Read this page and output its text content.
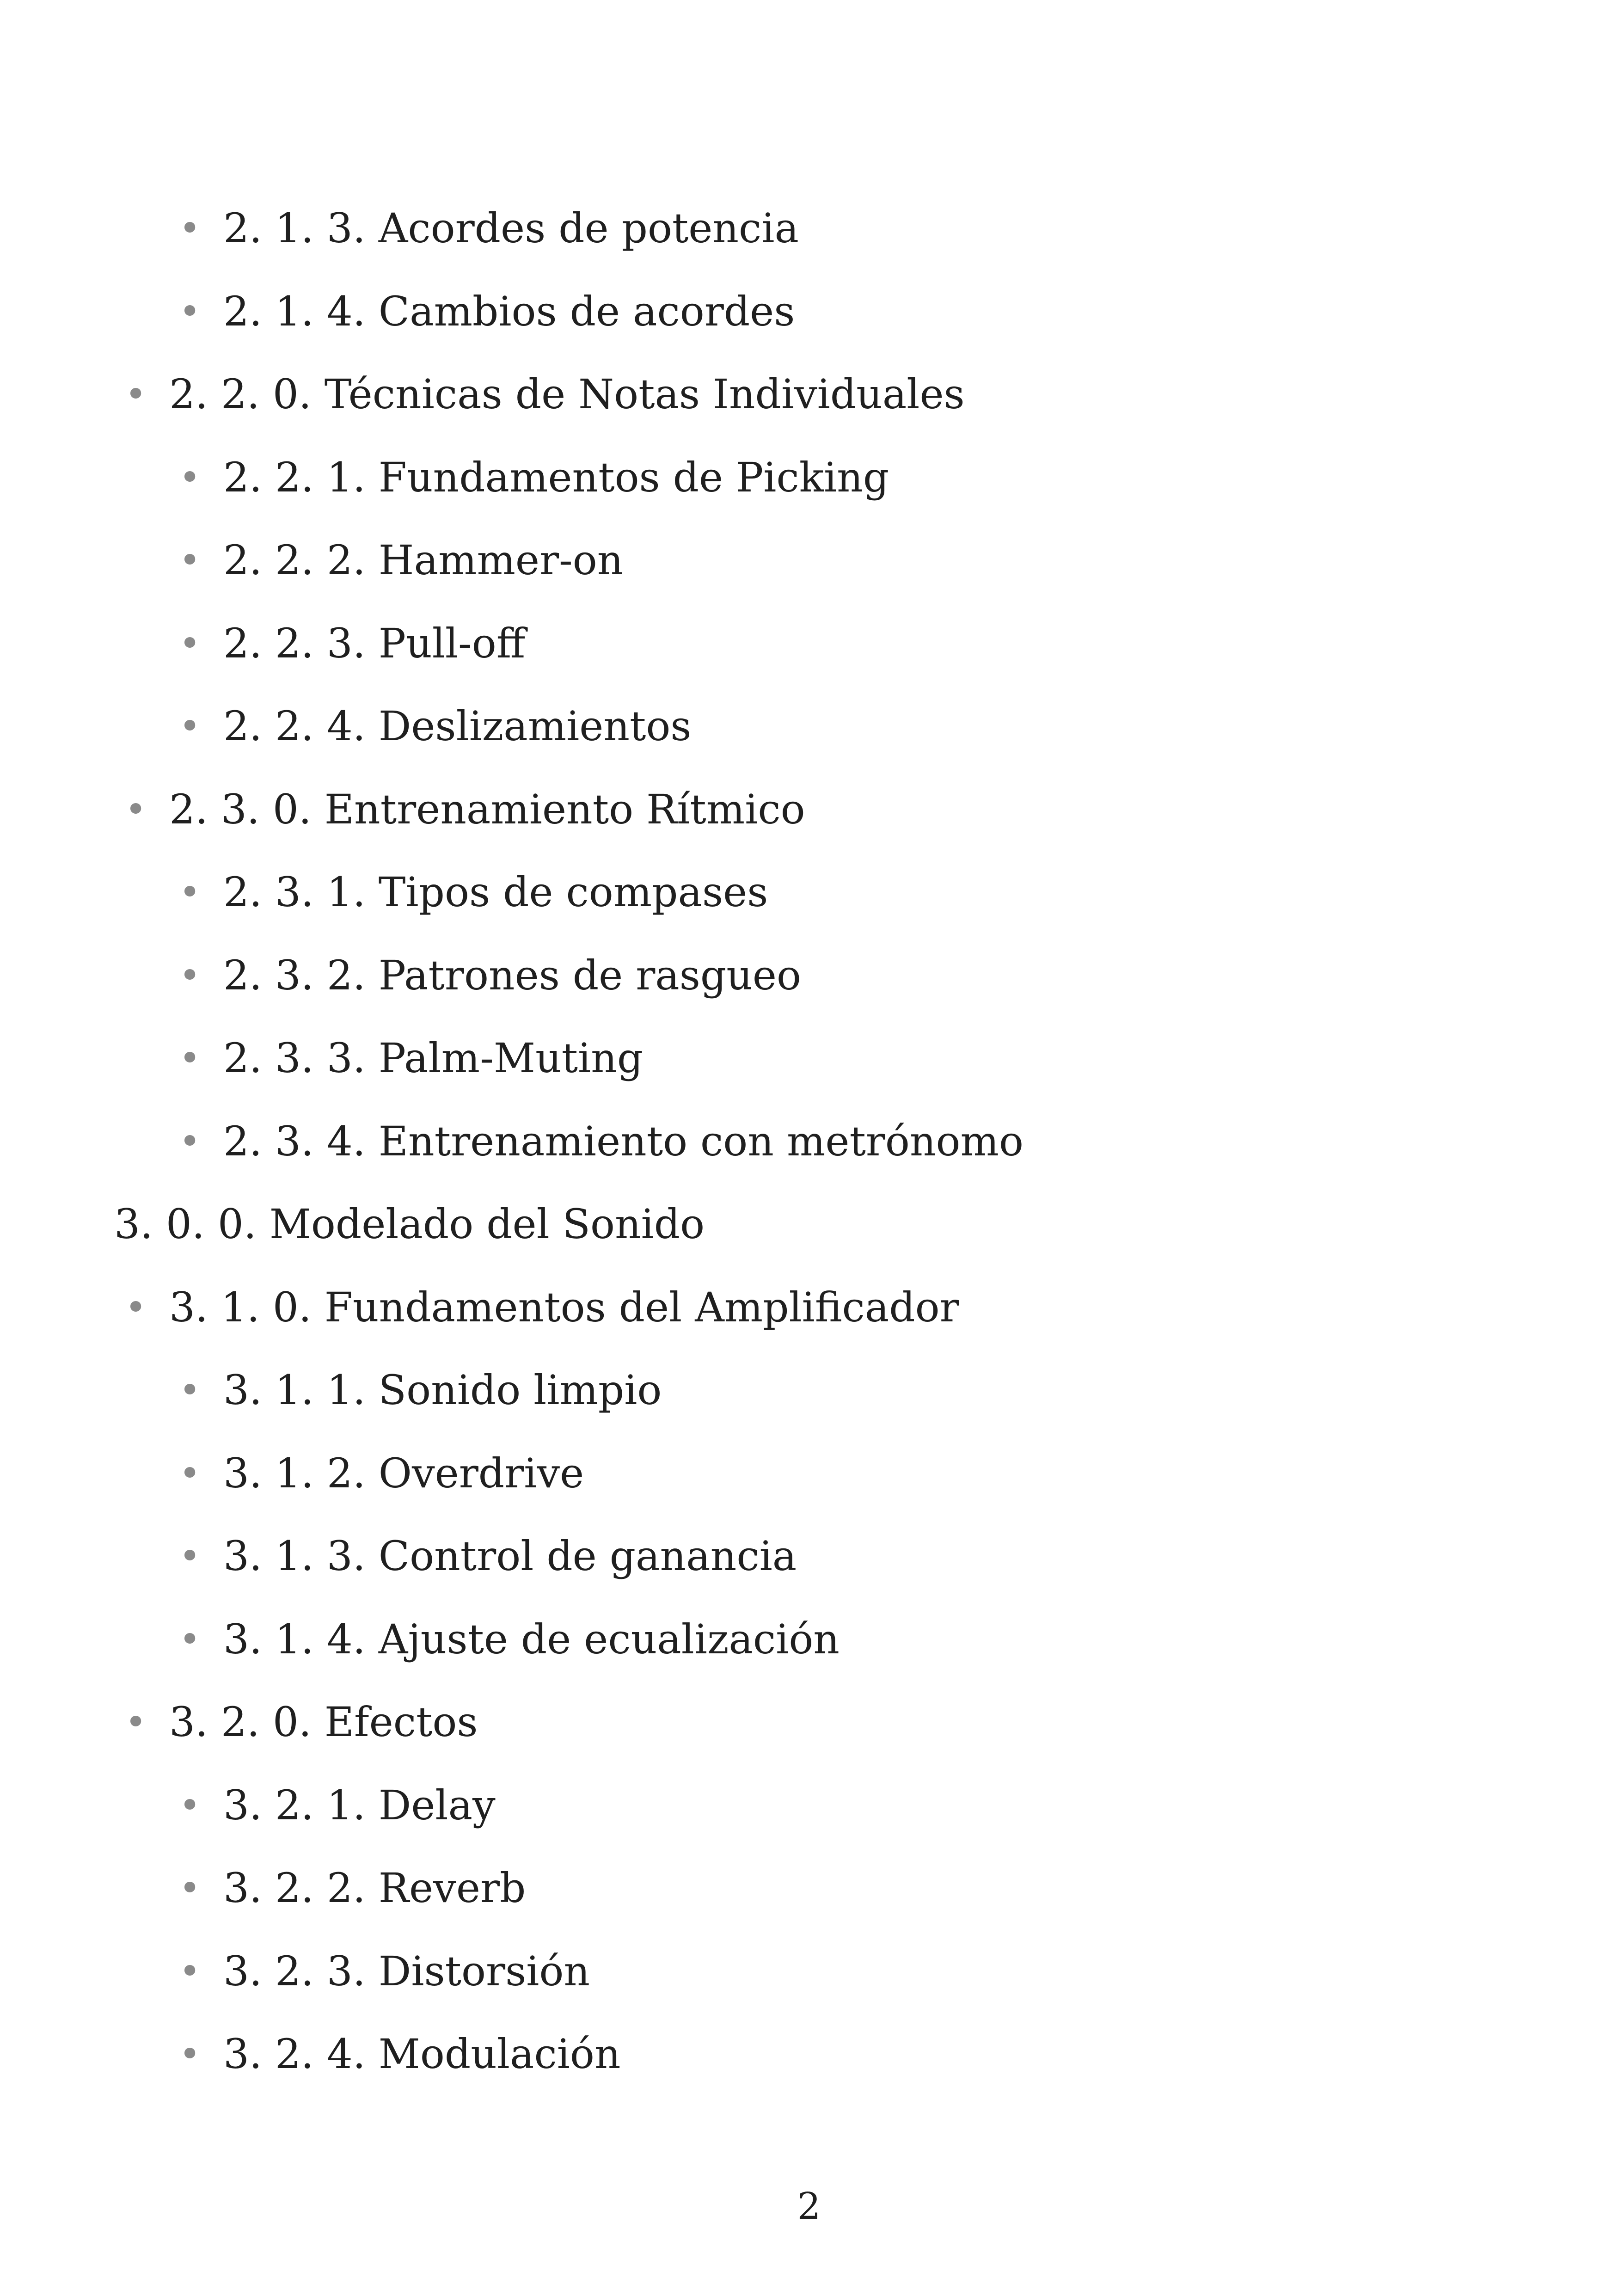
• 2. 1. 3. Acordes de potencia
• 2. 1. 4. Cambios de acordes
• 2. 2. 0. Técnicas de Notas Individuales
• 2. 2. 1. Fundamentos de Picking
• 2. 2. 2. Hammer-on
• 2. 2. 3. Pull-off
• 2. 2. 4. Deslizamientos
• 2. 3. 0. Entrenamiento Rítmico
• 2. 3. 1. Tipos de compases
• 2. 3. 2. Patrones de rasgueo
• 2. 3. 3. Palm-Muting
• 2. 3. 4. Entrenamiento con metrónomo
3. 0. 0. Modelado del Sonido
• 3. 1. 0. Fundamentos del Amplificador
• 3. 1. 1. Sonido limpio
• 3. 1. 2. Overdrive
• 3. 1. 3. Control de ganancia
• 3. 1. 4. Ajuste de ecualización
• 3. 2. 0. Efectos
• 3. 2. 1. Delay
• 3. 2. 2. Reverb
• 3. 2. 3. Distorsión
• 3. 2. 4. Modulación
2
